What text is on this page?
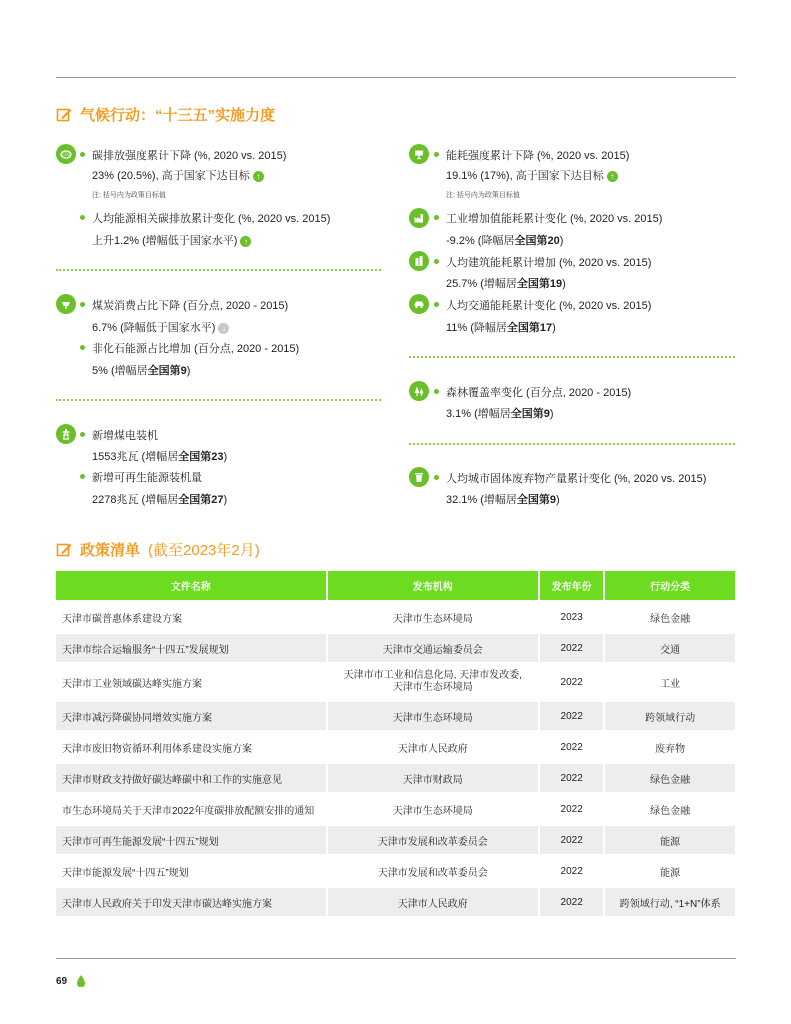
气候行动：“十三五”实施力度
CO2 碳排放强度累计下降 (%, 2020 vs. 2015)
23% (20.5%), 高于国家下达目标 ↑
注: 括号内为政策目标值
人均能源相关碳排放累计变化 (%, 2020 vs. 2015)
上升1.2% (增幅低于国家水平) ↑
煤炭消费占比下降 (百分点, 2020 - 2015)
6.7% (降幅低于国家水平) ↓
非化石能源占比增加 (百分点, 2020 - 2015)
5% (增幅居全国第9)
新增煤电装机
1553兆瓦 (增幅居全国第23)
新增可再生能源装机量
2278兆瓦 (增幅居全国第27)
能耗强度累计下降 (%, 2020 vs. 2015)
19.1% (17%), 高于国家下达目标 ↑
注: 括号内为政策目标值
工业增加值能耗累计变化 (%, 2020 vs. 2015)
-9.2% (降幅居全国第20)
人均建筑能耗累计增加 (%, 2020 vs. 2015)
25.7% (增幅居全国第19)
人均交通能耗累计变化 (%, 2020 vs. 2015)
11% (降幅居全国第17)
森林覆盖率变化 (百分点, 2020 - 2015)
3.1% (增幅居全国第9)
人均城市固体废弃物产量累计变化 (%, 2020 vs. 2015)
32.1% (增幅居全国第9)
政策清单 (截至2023年2月)
文件名称	发布机构	发布年份	行动分类
天津市碳普惠体系建设方案	天津市生态环境局	2023	绿色金融
天津市综合运输服务“十四五”发展规划	天津市交通运输委员会	2022	交通
天津市工业领域碳达峰实施方案	天津市市工业和信息化局, 天津市发改委, 天津市生态环境局	2022	工业
天津市减污降碳协同增效实施方案	天津市生态环境局	2022	跨领域行动
天津市废旧物资循环利用体系建设实施方案	天津市人民政府	2022	废弃物
天津市财政支持做好碳达峰碳中和工作的实施意见	天津市财政局	2022	绿色金融
市生态环境局关于天津市2022年度碳排放配额安排的通知	天津市生态环境局	2022	绿色金融
天津市可再生能源发展“十四五”规划	天津市发展和改革委员会	2022	能源
天津市能源发展“十四五”规划	天津市发展和改革委员会	2022	能源
天津市人民政府关于印发天津市碳达峰实施方案	天津市人民政府	2022	跨领域行动, “1+N”体系
69
